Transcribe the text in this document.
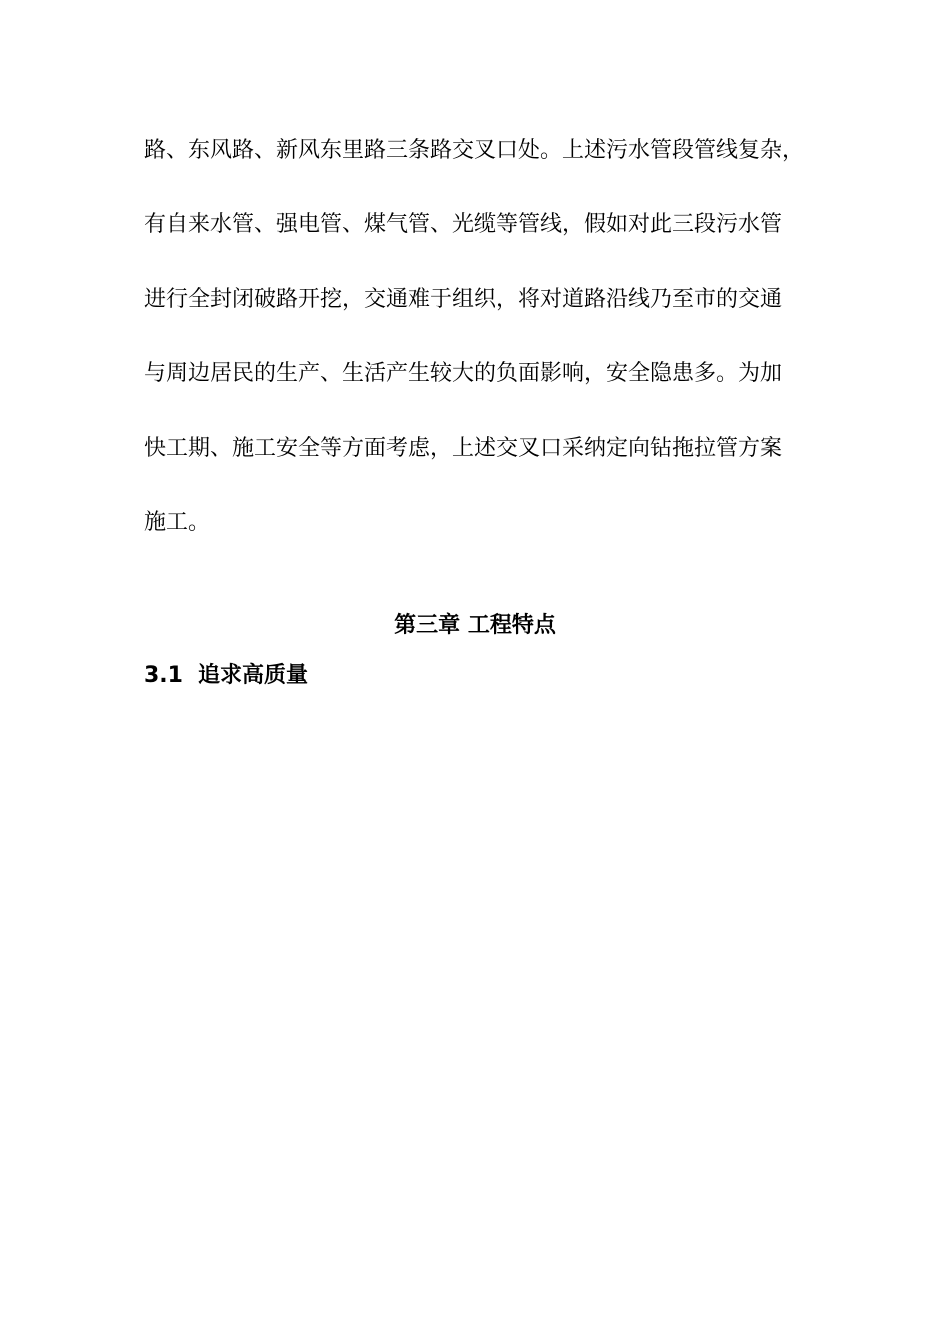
路、东风路、新风东里路三条路交叉口处。上述污水管段管线复杂，
有自来水管、强电管、煤气管、光缆等管线，假如对此三段污水管
进行全封闭破路开挖，交通难于组织，将对道路沿线乃至市的交通
与周边居民的生产、生活产生较大的负面影响，安全隐患多。为加
快工期、施工安全等方面考虑，上述交叉口采纳定向钻拖拉管方案
施工。
第三章 工程特点
3.1 追求高质量
